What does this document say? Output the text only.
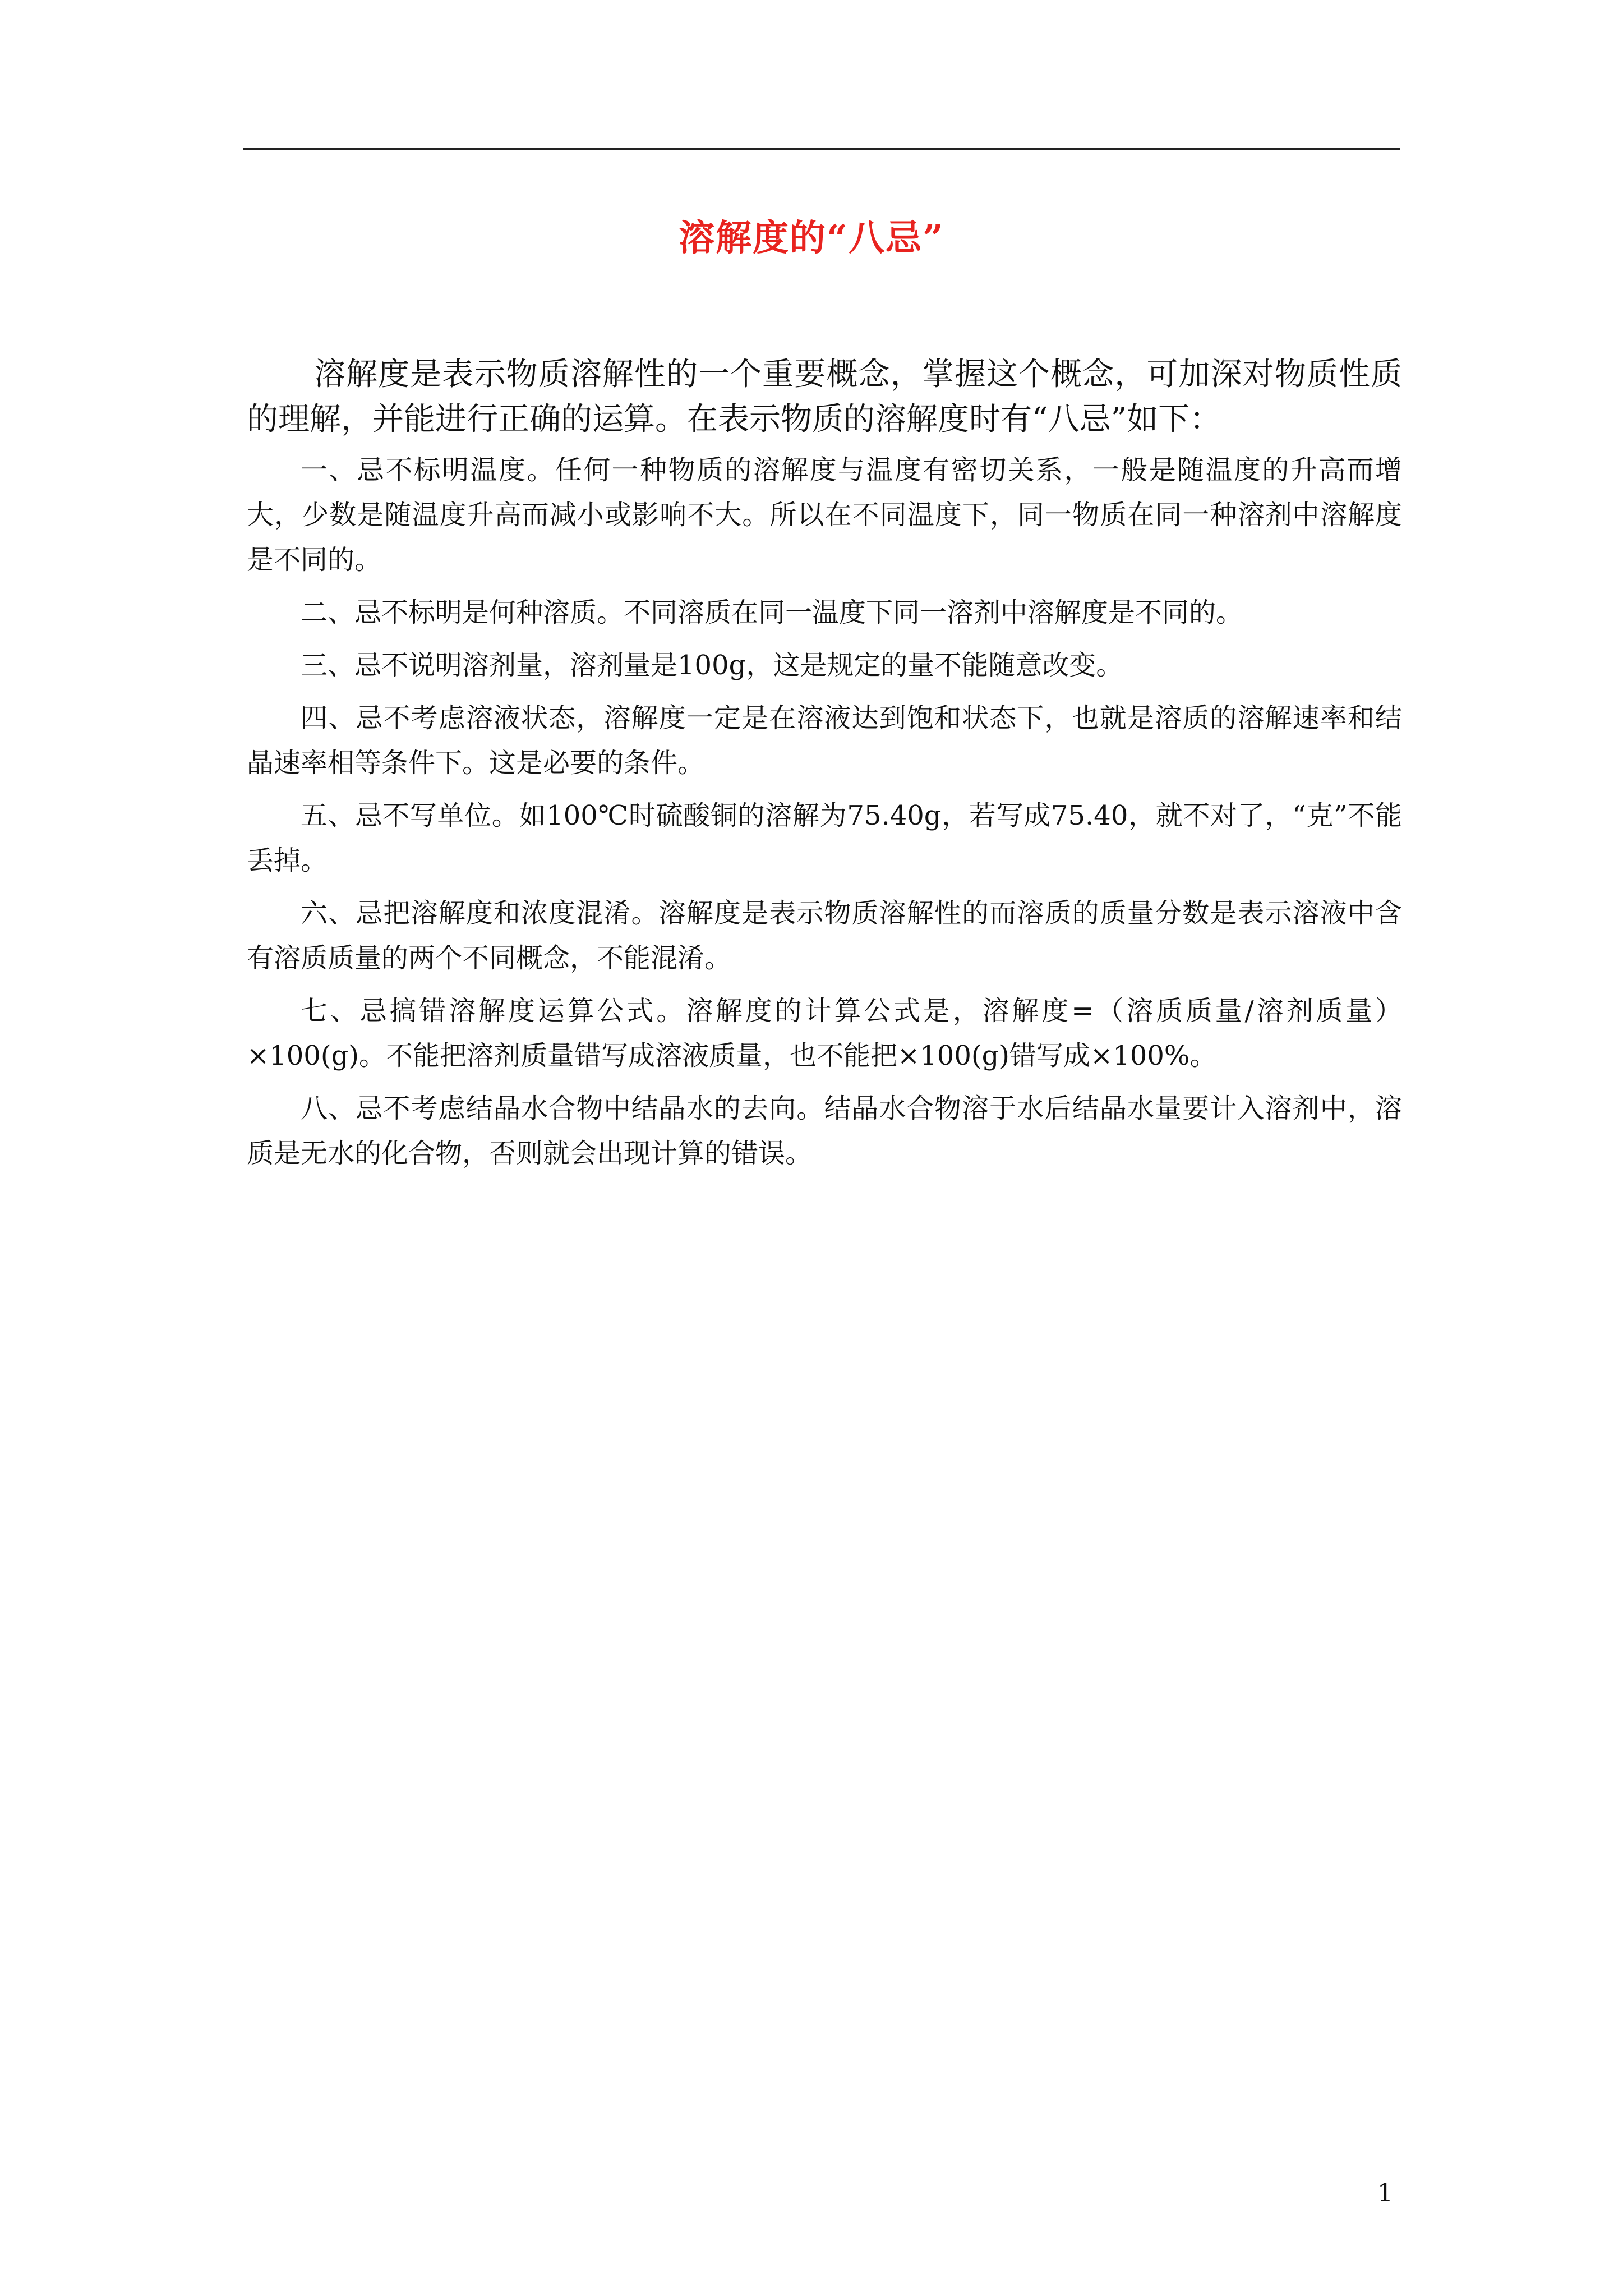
溶解度的“八忌”

溶解度是表示物质溶解性的一个重要概念，掌握这个概念，可加深对物质性质的理解，并能进行正确的运算。在表示物质的溶解度时有“八忌”如下：

一、忌不标明温度。任何一种物质的溶解度与温度有密切关系，一般是随温度的升高而增大，少数是随温度升高而减小或影响不大。所以在不同温度下，同一物质在同一种溶剂中溶解度是不同的。

二、忌不标明是何种溶质。不同溶质在同一温度下同一溶剂中溶解度是不同的。

三、忌不说明溶剂量，溶剂量是100g，这是规定的量不能随意改变。

四、忌不考虑溶液状态，溶解度一定是在溶液达到饱和状态下，也就是溶质的溶解速率和结晶速率相等条件下。这是必要的条件。

五、忌不写单位。如100℃时硫酸铜的溶解为75.40g，若写成75.40，就不对了，“克”不能丢掉。

六、忌把溶解度和浓度混淆。溶解度是表示物质溶解性的而溶质的质量分数是表示溶液中含有溶质质量的两个不同概念，不能混淆。

七、忌搞错溶解度运算公式。溶解度的计算公式是，溶解度=（溶质质量/溶剂质量）×100(g)。不能把溶剂质量错写成溶液质量，也不能把×100(g)错写成×100%。

八、忌不考虑结晶水合物中结晶水的去向。结晶水合物溶于水后结晶水量要计入溶剂中，溶质是无水的化合物，否则就会出现计算的错误。

1
